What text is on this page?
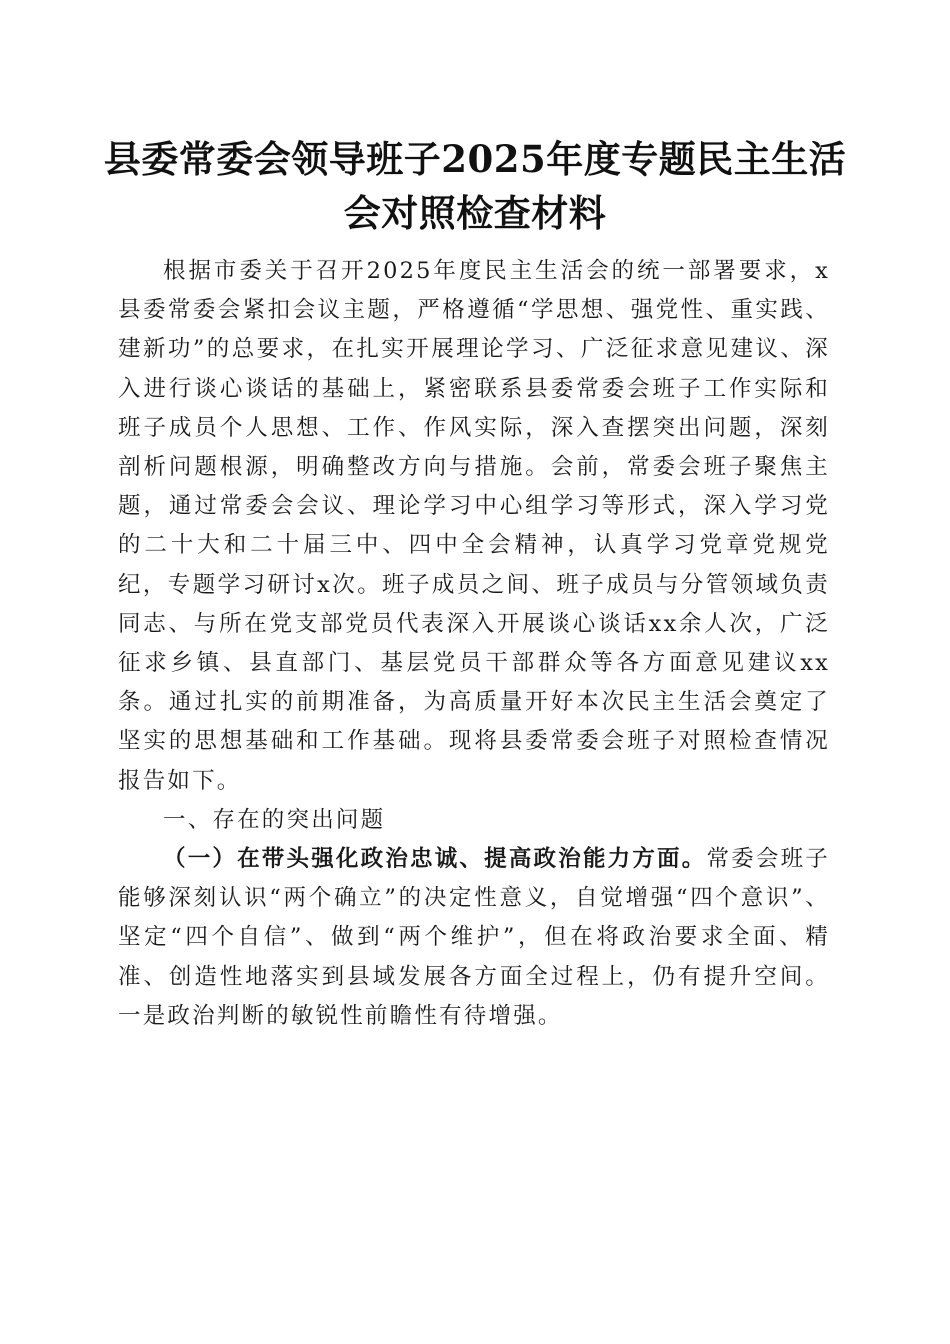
县委常委会领导班子2025年度专题民主生活会对照检查材料

根据市委关于召开2025年度民主生活会的统一部署要求，x县委常委会紧扣会议主题，严格遵循“学思想、强党性、重实践、建新功”的总要求，在扎实开展理论学习、广泛征求意见建议、深入进行谈心谈话的基础上，紧密联系县委常委会班子工作实际和班子成员个人思想、工作、作风实际，深入查摆突出问题，深刻剖析问题根源，明确整改方向与措施。会前，常委会班子聚焦主题，通过常委会会议、理论学习中心组学习等形式，深入学习党的二十大和二十届三中、四中全会精神，认真学习党章党规党纪，专题学习研讨x次。班子成员之间、班子成员与分管领域负责同志、与所在党支部党员代表深入开展谈心谈话xx余人次，广泛征求乡镇、县直部门、基层党员干部群众等各方面意见建议xx条。通过扎实的前期准备，为高质量开好本次民主生活会奠定了坚实的思想基础和工作基础。现将县委常委会班子对照检查情况报告如下。

一、存在的突出问题

（一）在带头强化政治忠诚、提高政治能力方面。常委会班子能够深刻认识“两个确立”的决定性意义，自觉增强“四个意识”、坚定“四个自信”、做到“两个维护”，但在将政治要求全面、精准、创造性地落实到县域发展各方面全过程上，仍有提升空间。一是政治判断的敏锐性前瞻性有待增强。
